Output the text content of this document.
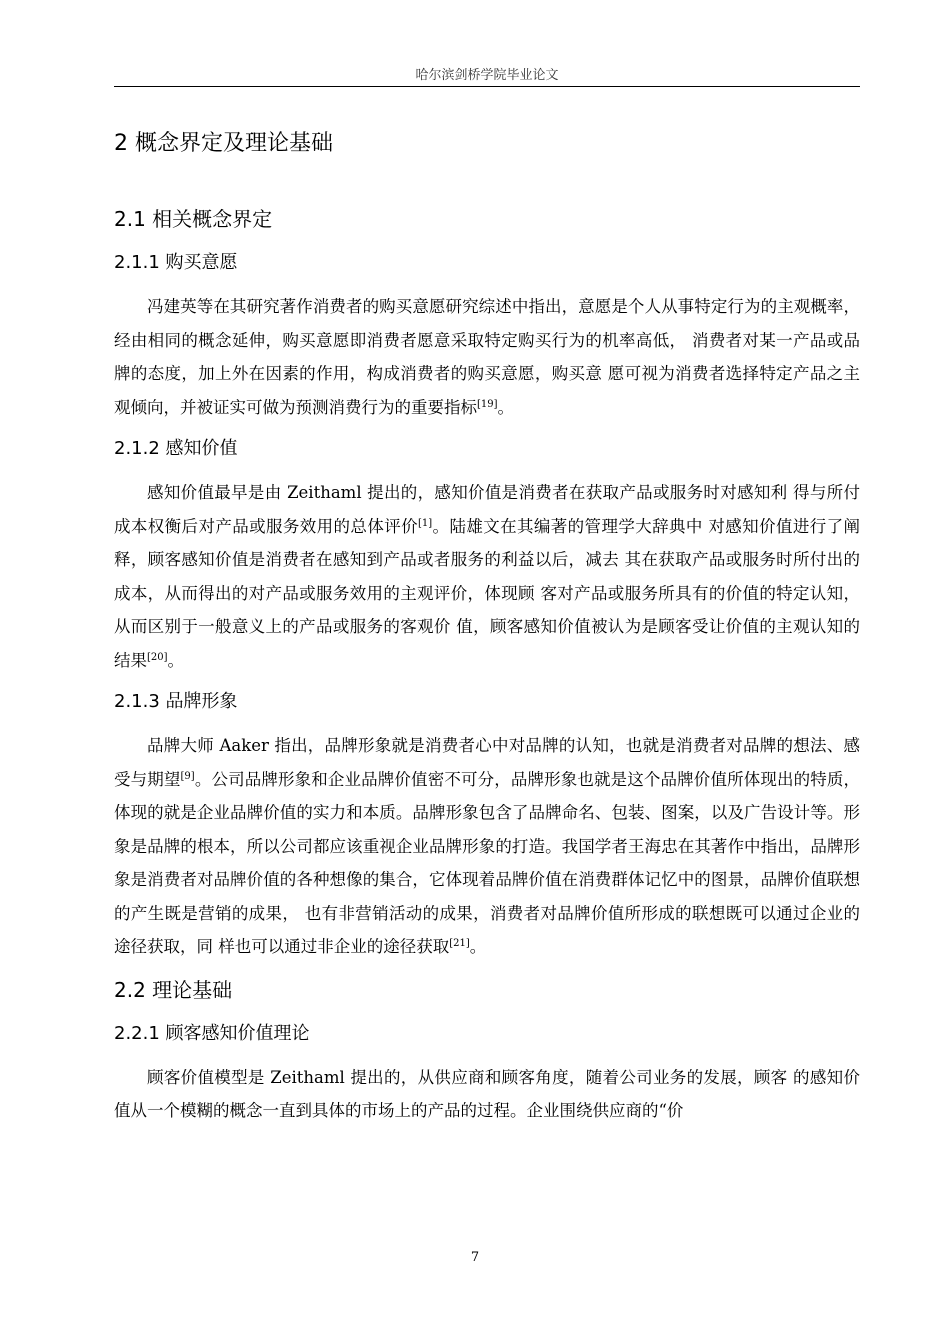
哈尔滨剑桥学院毕业论文
2 概念界定及理论基础
2.1 相关概念界定
2.1.1 购买意愿

冯建英等在其研究著作消费者的购买意愿研究综述中指出，意愿是个人从事特定行为的主观概率，经由相同的概念延伸，购买意愿即消费者愿意采取特定购买行为的机率高低， 消费者对某一产品或品牌的态度，加上外在因素的作用，构成消费者的购买意愿，购买意 愿可视为消费者选择特定产品之主观倾向，并被证实可做为预测消费行为的重要指标[19]。

2.1.2 感知价值

感知价值最早是由 Zeithaml 提出的，感知价值是消费者在获取产品或服务时对感知利 得与所付成本权衡后对产品或服务效用的总体评价[1]。陆雄文在其编著的管理学大辞典中 对感知价值进行了阐释，顾客感知价值是消费者在感知到产品或者服务的利益以后，减去 其在获取产品或服务时所付出的成本，从而得出的对产品或服务效用的主观评价，体现顾 客对产品或服务所具有的价值的特定认知，从而区别于一般意义上的产品或服务的客观价 值，顾客感知价值被认为是顾客受让价值的主观认知的结果[20]。

2.1.3 品牌形象

品牌大师 Aaker 指出，品牌形象就是消费者心中对品牌的认知，也就是消费者对品牌的想法、感受与期望[9]。公司品牌形象和企业品牌价值密不可分，品牌形象也就是这个品牌价值所体现出的特质，体现的就是企业品牌价值的实力和本质。品牌形象包含了品牌命名、包装、图案，以及广告设计等。形象是品牌的根本，所以公司都应该重视企业品牌形象的打造。我国学者王海忠在其著作中指出，品牌形象是消费者对品牌价值的各种想像的集合，它体现着品牌价值在消费群体记忆中的图景，品牌价值联想的产生既是营销的成果， 也有非营销活动的成果，消费者对品牌价值所形成的联想既可以通过企业的途径获取，同 样也可以通过非企业的途径获取[21]。

2.2 理论基础
2.2.1 顾客感知价值理论

顾客价值模型是 Zeithaml 提出的，从供应商和顾客角度，随着公司业务的发展，顾客 的感知价值从一个模糊的概念一直到具体的市场上的产品的过程。企业围绕供应商的“价

7
